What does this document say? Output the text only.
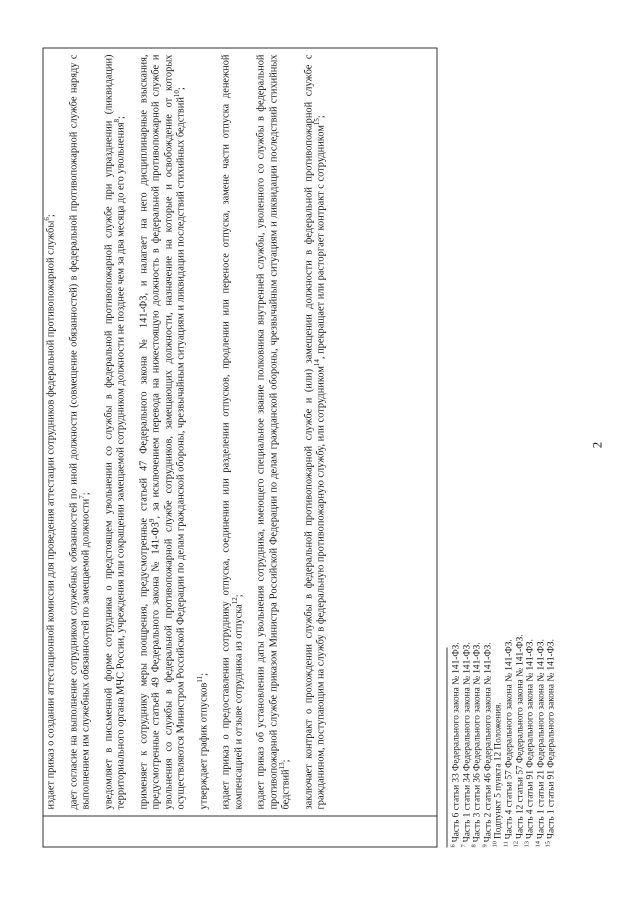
2

издает приказ о создании аттестационной комиссии для проведения аттестации сотрудников федеральной противопожарной службы$^6$; дает согласие на выполнение сотрудником служебных обязанностей по иной должности (совмещение обязанностей) в федеральной противопожарной службе наряду с выполнением им служебных обязанностей по замещаемой должности$^7$; уведомляет в письменной форме сотрудника о предстоящем увольнении со службы в федеральной противопожарной службе при упразднении (ликвидации) территориального органа МЧС России, учреждения или сокращении замещаемой сотрудником должности не позднее чем за два месяца до его увольнения$^8$; применяет к сотруднику меры поощрения, предусмотренные статьей 47 Федерального закона № 141-ФЗ, и налагает на него дисциплинарные взыскания, предусмотренные статьей 49 Федерального закона № $141-ФЗ^9$, за исключением перевода на нижестоящую должность в федеральной противопожарной службе и увольнения со службы в федеральной противопожарной службе сотрудников, замещающих должности, назначение на которые и освобождение от которых осуществляются Министром Российской Федерации по делам гражданской обороны, чрезвычайным ситуациям и ликвидации последствий стихийных бедствий$^{10}$;

утверждает график отпусков$^{11}$; издает приказ о предоставлении сотруднику отпуска, соединении или разделении отпусков, продлении или переносе отпуска, замене части отпуска денежной компенсацией и отзыве сотрудника из отпуска$^{12}$; издает приказ об установлении даты увольнения сотрудника, имеющего специальное звание полковника внутренней службы, уволенного со службы в федеральной противопожарной службе приказом Министра Российской Федерации по делам гражданской обороны, чрезвычайным ситуациям и ликвидации последствий стихийных бедствий$^{13}$; заключает контракт о прохождении службы в федеральной противопожарной службе и (или) замещении должности в федеральной противопожарной службе с гражданином, поступающим на службу в федеральную противопожарную службу, или сотрудником$^{14}$, прекращает или расторгает контракт с сотрудником$^{15}$;

$^6$Часть 6 статьи 33 Федерального закона № 141-ФЗ.

$^7$Часть 1 статьи 34 Федерального закона № 141-ФЗ.

$^8$Часть 3 статьи 36 Федерального закона № 141-ФЗ.

$^9$Часть 2 статьи 46 Федерального закона № 141-ФЗ.

$^{10}$Подпункт 5 пункта 12 Положения.

$^{11}$Часть 4 статьи 57 Федерального закона № 141-ФЗ.

$^{12}$Часть 12 статьи 57 Федерального закона № 141-ФЗ.

$^{13}$Часть 4 статьи 91 Федерального закона № 141-ФЗ.

$^{14}$Часть 1 статьи 21 Федерального закона № 141-ФЗ.

$^{15}$Часть 1 статьи 91 Федерального закона № 141-ФЗ.
